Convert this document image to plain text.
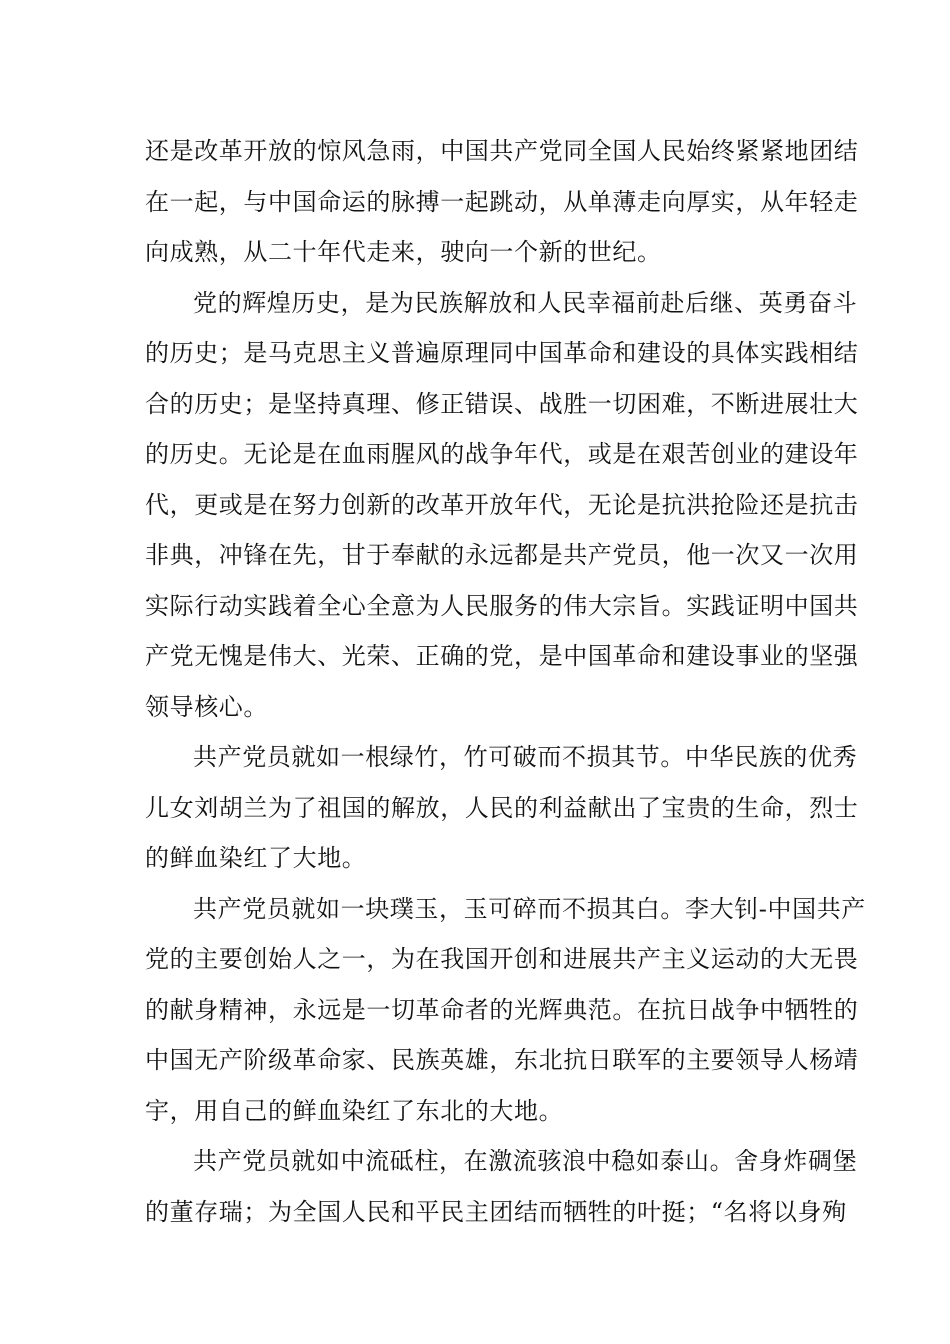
还是改革开放的惊风急雨，中国共产党同全国人民始终紧紧地团结
在一起，与中国命运的脉搏一起跳动，从单薄走向厚实，从年轻走
向成熟，从二十年代走来，驶向一个新的世纪。
党的辉煌历史，是为民族解放和人民幸福前赴后继、英勇奋斗
的历史；是马克思主义普遍原理同中国革命和建设的具体实践相结
合的历史；是坚持真理、修正错误、战胜一切困难，不断进展壮大
的历史。无论是在血雨腥风的战争年代，或是在艰苦创业的建设年
代，更或是在努力创新的改革开放年代，无论是抗洪抢险还是抗击
非典，冲锋在先，甘于奉献的永远都是共产党员，他一次又一次用
实际行动实践着全心全意为人民服务的伟大宗旨。实践证明中国共
产党无愧是伟大、光荣、正确的党，是中国革命和建设事业的坚强
领导核心。
共产党员就如一根绿竹，竹可破而不损其节。中华民族的优秀
儿女刘胡兰为了祖国的解放，人民的利益献出了宝贵的生命，烈士
的鲜血染红了大地。
共产党员就如一块璞玉，玉可碎而不损其白。李大钊-中国共产
党的主要创始人之一，为在我国开创和进展共产主义运动的大无畏
的献身精神，永远是一切革命者的光辉典范。在抗日战争中牺牲的
中国无产阶级革命家、民族英雄，东北抗日联军的主要领导人杨靖
宇，用自己的鲜血染红了东北的大地。
共产党员就如中流砥柱，在激流骇浪中稳如泰山。舍身炸碉堡
的董存瑞；为全国人民和平民主团结而牺牲的叶挺；“名将以身殉
